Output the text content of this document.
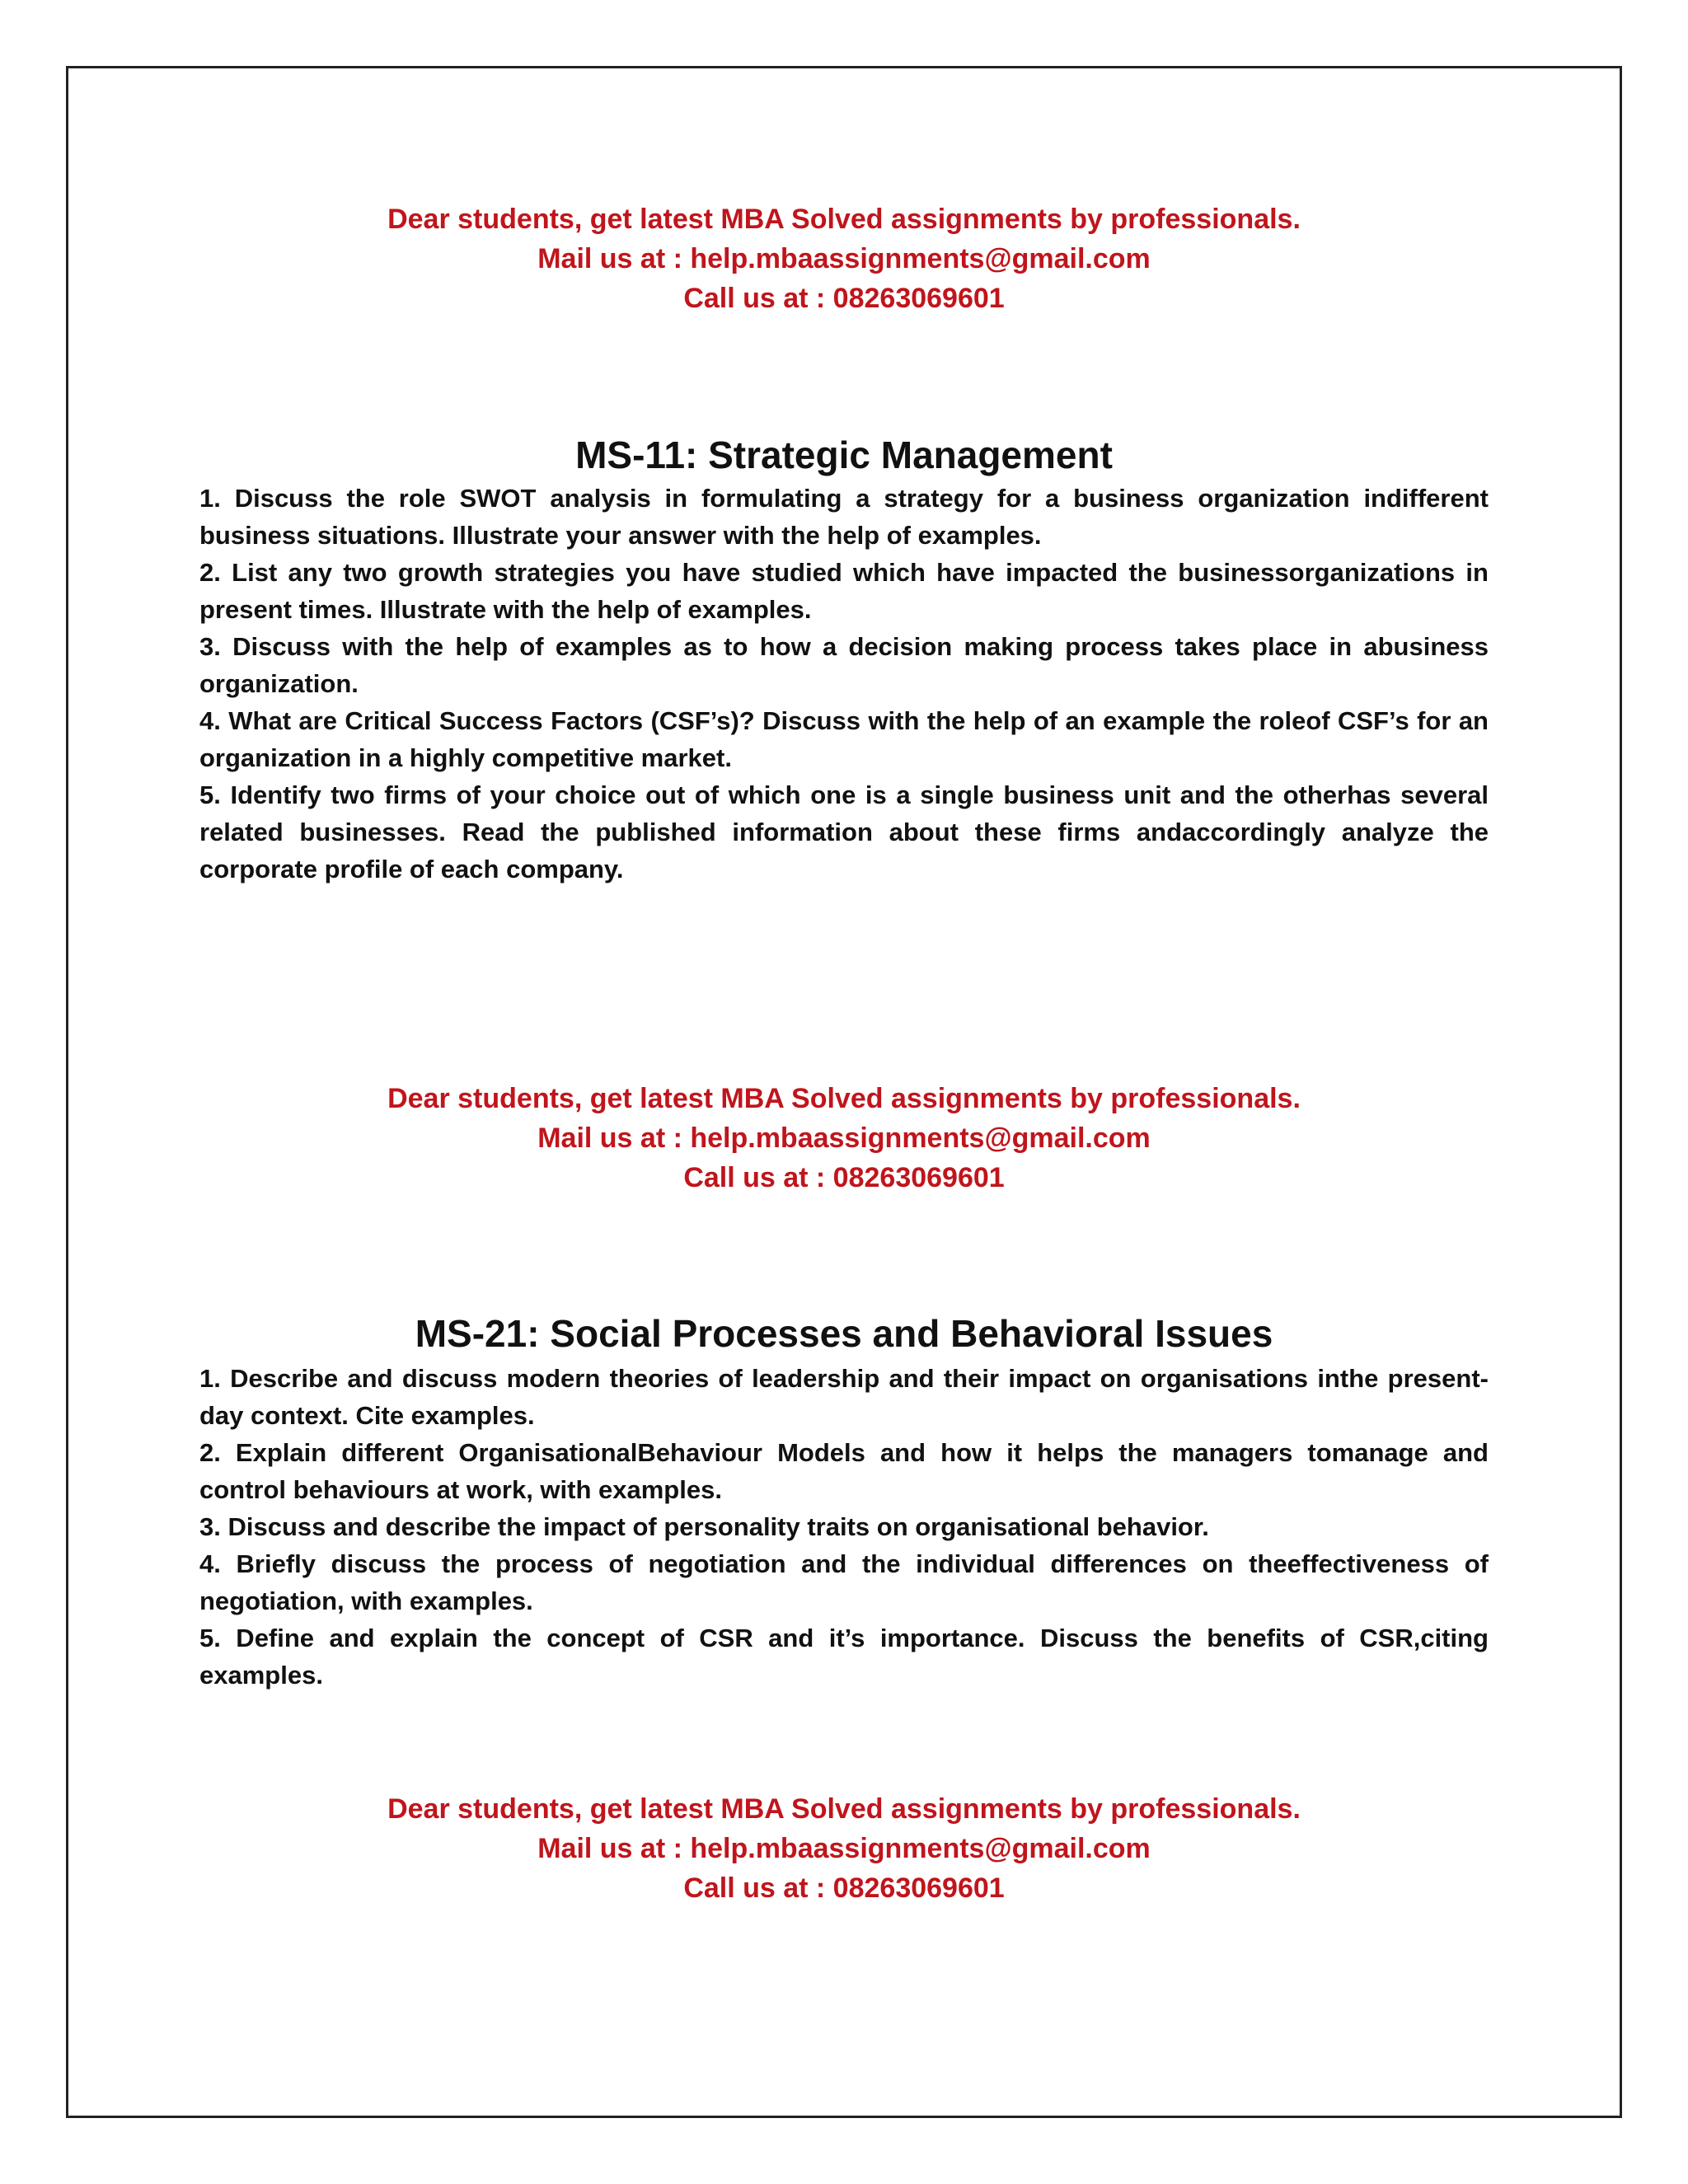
Dear students, get latest MBA Solved assignments by professionals.
Mail us at : help.mbaassignments@gmail.com
Call us at : 08263069601
MS-11: Strategic Management

1. Discuss the role SWOT analysis in formulating a strategy for a business organization indifferent business situations. Illustrate your answer with the help of examples.

2. List any two growth strategies you have studied which have impacted the businessorganizations in present times. Illustrate with the help of examples.

3. Discuss with the help of examples as to how a decision making process takes place in abusiness organization.

4. What are Critical Success Factors (CSF’s)? Discuss with the help of an example the roleof CSF’s for an organization in a highly competitive market.

5. Identify two firms of your choice out of which one is a single business unit and the otherhas several related businesses. Read the published information about these firms andaccordingly analyze the corporate profile of each company.

Dear students, get latest MBA Solved assignments by professionals.
Mail us at : help.mbaassignments@gmail.com
Call us at : 08263069601
MS-21: Social Processes and Behavioral Issues

1. Describe and discuss modern theories of leadership and their impact on organisations inthe present-day context. Cite examples.

2. Explain different OrganisationalBehaviour Models and how it helps the managers tomanage and control behaviours at work, with examples.

3. Discuss and describe the impact of personality traits on organisational behavior.

4. Briefly discuss the process of negotiation and the individual differences on theeffectiveness of negotiation, with examples.

5. Define and explain the concept of CSR and it’s importance. Discuss the benefits of CSR,citing examples.

Dear students, get latest MBA Solved assignments by professionals.
Mail us at : help.mbaassignments@gmail.com
Call us at : 08263069601
